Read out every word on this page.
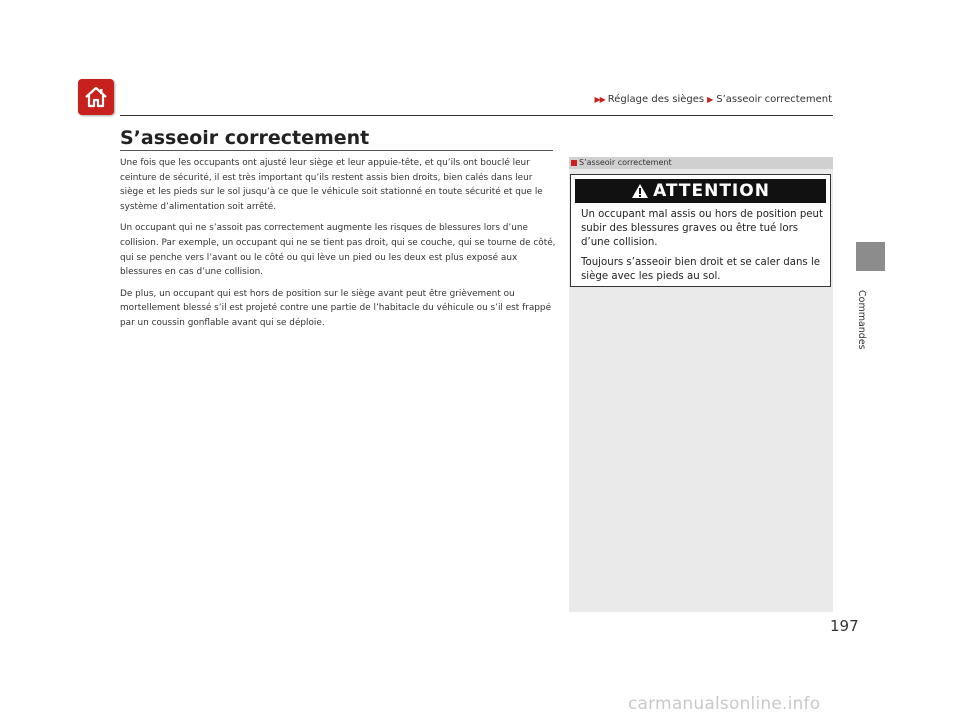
▶▶ Réglage des sièges ▶ S’asseoir correctement
Commandes
S’asseoir correctement

Une fois que les occupants ont ajusté leur siège et leur appuie-tête, et qu’ils ont bouclé leur ceinture de sécurité, il est très important qu’ils restent assis bien droits, bien calés dans leur siège et les pieds sur le sol jusqu’à ce que le véhicule soit stationné en toute sécurité et que le système d’alimentation soit arrêté.

Un occupant qui ne s’assoit pas correctement augmente les risques de blessures lors d’une collision. Par exemple, un occupant qui ne se tient pas droit, qui se couche, qui se tourne de côté, qui se penche vers l’avant ou le côté ou qui lève un pied ou les deux est plus exposé aux blessures en cas d’une collision.

De plus, un occupant qui est hors de position sur le siège avant peut être grièvement ou mortellement blessé s’il est projeté contre une partie de l’habitacle du véhicule ou s’il est frappé par un coussin gonflable avant qui se déploie.

S’asseoir correctement
ATTENTION

Un occupant mal assis ou hors de position peut subir des blessures graves ou être tué lors d’une collision.

Toujours s’asseoir bien droit et se caler dans le siège avec les pieds au sol.

197
carmanualsonline.info
